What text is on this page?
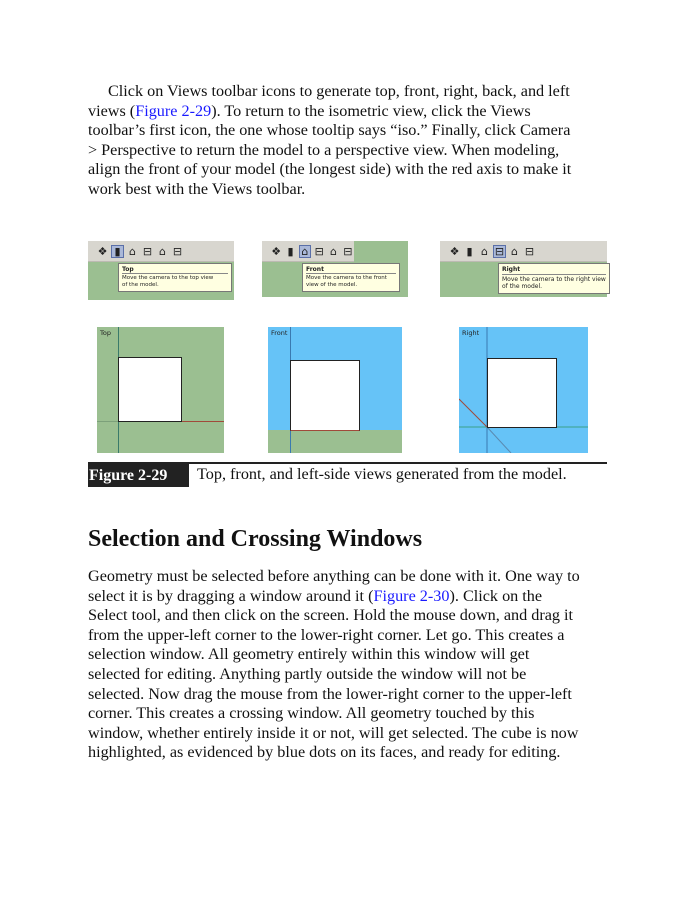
Click on Views toolbar icons to generate top, front, right, back, and left
views (Figure 2-29). To return to the isometric view, click the Views
toolbar’s first icon, the one whose tooltip says “iso.” Finally, click Camera
> Perspective to return the model to a perspective view. When modeling,
align the front of your model (the longest side) with the red axis to make it
work best with the Views toolbar.
❖ ▮ ⌂ ⊟ ⌂ ⊟
Top
Move the camera to the top view
of the model.
❖ ▮ ⌂ ⊟ ⌂ ⊟
Front
Move the camera to the front
view of the model.
❖ ▮ ⌂ ⊟ ⌂ ⊟
Right
Move the camera to the right view
of the model.
Top	Front	Right
Figure 2-29	Top, front, and left-side views generated from the model.
Selection and Crossing Windows
Geometry must be selected before anything can be done with it. One way to
select it is by dragging a window around it (Figure 2-30). Click on the
Select tool, and then click on the screen. Hold the mouse down, and drag it
from the upper-left corner to the lower-right corner. Let go. This creates a
selection window. All geometry entirely within this window will get
selected for editing. Anything partly outside the window will not be
selected. Now drag the mouse from the lower-right corner to the upper-left
corner. This creates a crossing window. All geometry touched by this
window, whether entirely inside it or not, will get selected. The cube is now
highlighted, as evidenced by blue dots on its faces, and ready for editing.
